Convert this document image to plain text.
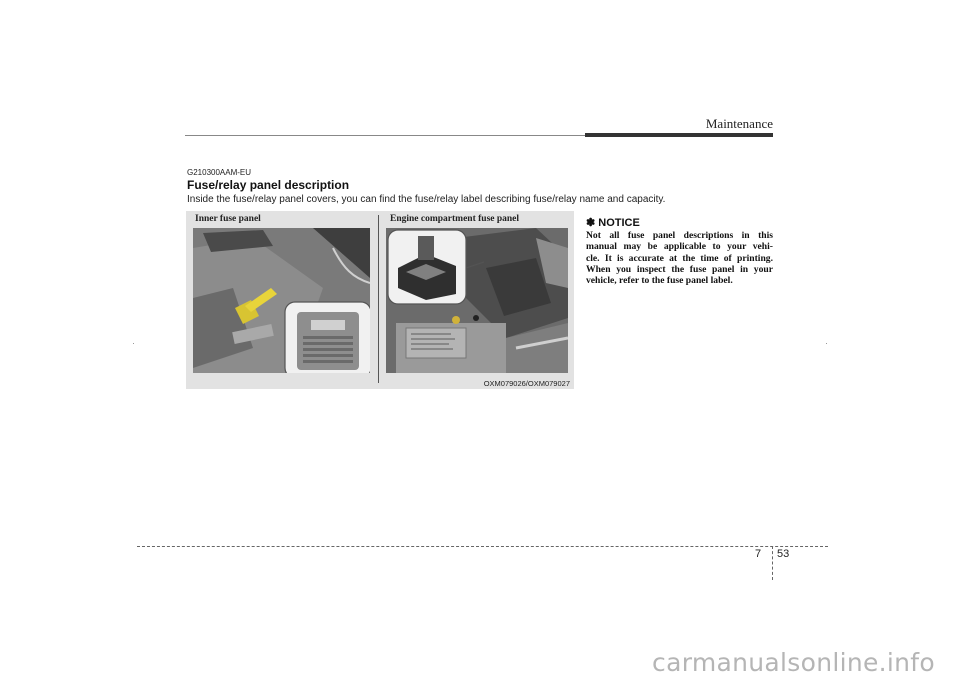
Maintenance
G210300AAM-EU
Fuse/relay panel description
Inside the fuse/relay panel covers, you can find the fuse/relay label describing fuse/relay name and capacity.
Inner fuse panel	Engine compartment fuse panel
OXM079026/OXM079027
✽ NOTICE
Not all fuse panel descriptions in this
manual may be applicable to your vehi-
cle. It is accurate at the time of printing.
When you inspect the fuse panel in your
vehicle, refer to the fuse panel label.
7 53
carmanualsonline.info
